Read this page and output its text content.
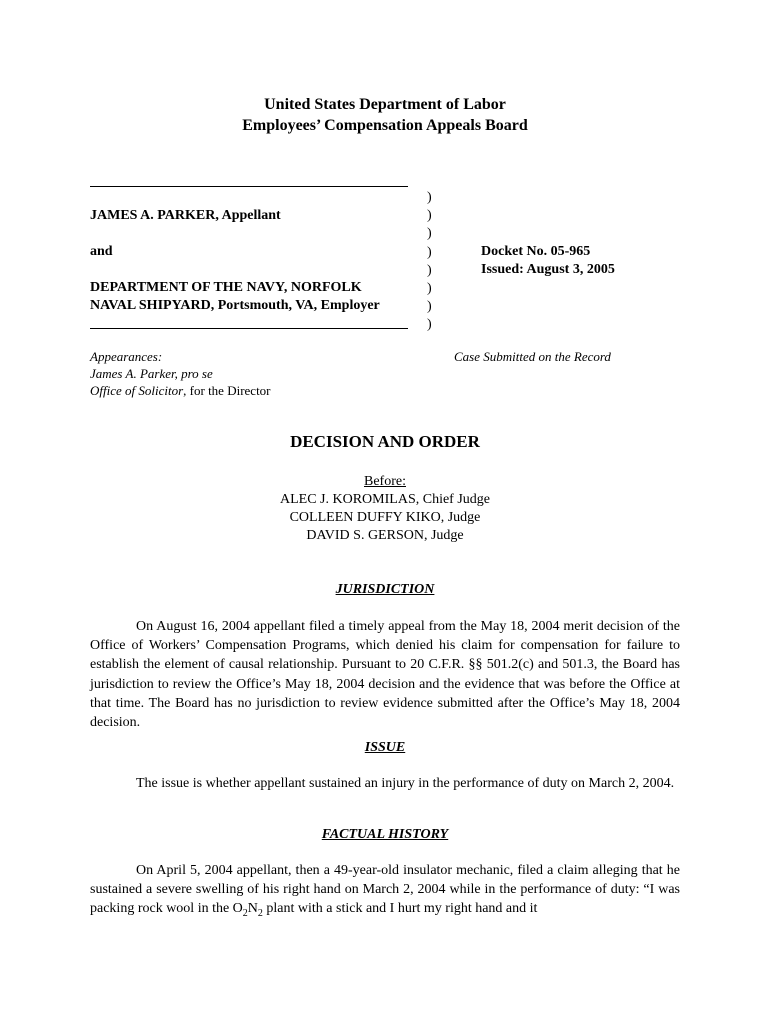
United States Department of Labor
Employees’ Compensation Appeals Board
JAMES A. PARKER, Appellant
and
DEPARTMENT OF THE NAVY, NORFOLK
NAVAL SHIPYARD, Portsmouth, VA, Employer
)
)
)
)
)
)
)
)
Docket No. 05-965
Issued: August 3, 2005
Appearances:
James A. Parker, pro se
Office of Solicitor, for the Director
Case Submitted on the Record
DECISION AND ORDER
Before:
ALEC J. KOROMILAS, Chief Judge
COLLEEN DUFFY KIKO, Judge
DAVID S. GERSON, Judge
JURISDICTION
On August 16, 2004 appellant filed a timely appeal from the May 18, 2004 merit decision of the Office of Workers’ Compensation Programs, which denied his claim for compensation for failure to establish the element of causal relationship. Pursuant to 20 C.F.R. §§ 501.2(c) and 501.3, the Board has jurisdiction to review the Office’s May 18, 2004 decision and the evidence that was before the Office at that time. The Board has no jurisdiction to review evidence submitted after the Office’s May 18, 2004 decision.
ISSUE
The issue is whether appellant sustained an injury in the performance of duty on March 2, 2004.
FACTUAL HISTORY
On April 5, 2004 appellant, then a 49-year-old insulator mechanic, filed a claim alleging that he sustained a severe swelling of his right hand on March 2, 2004 while in the performance of duty: “I was packing rock wool in the $O_2N_2$ plant with a stick and I hurt my right hand and it
